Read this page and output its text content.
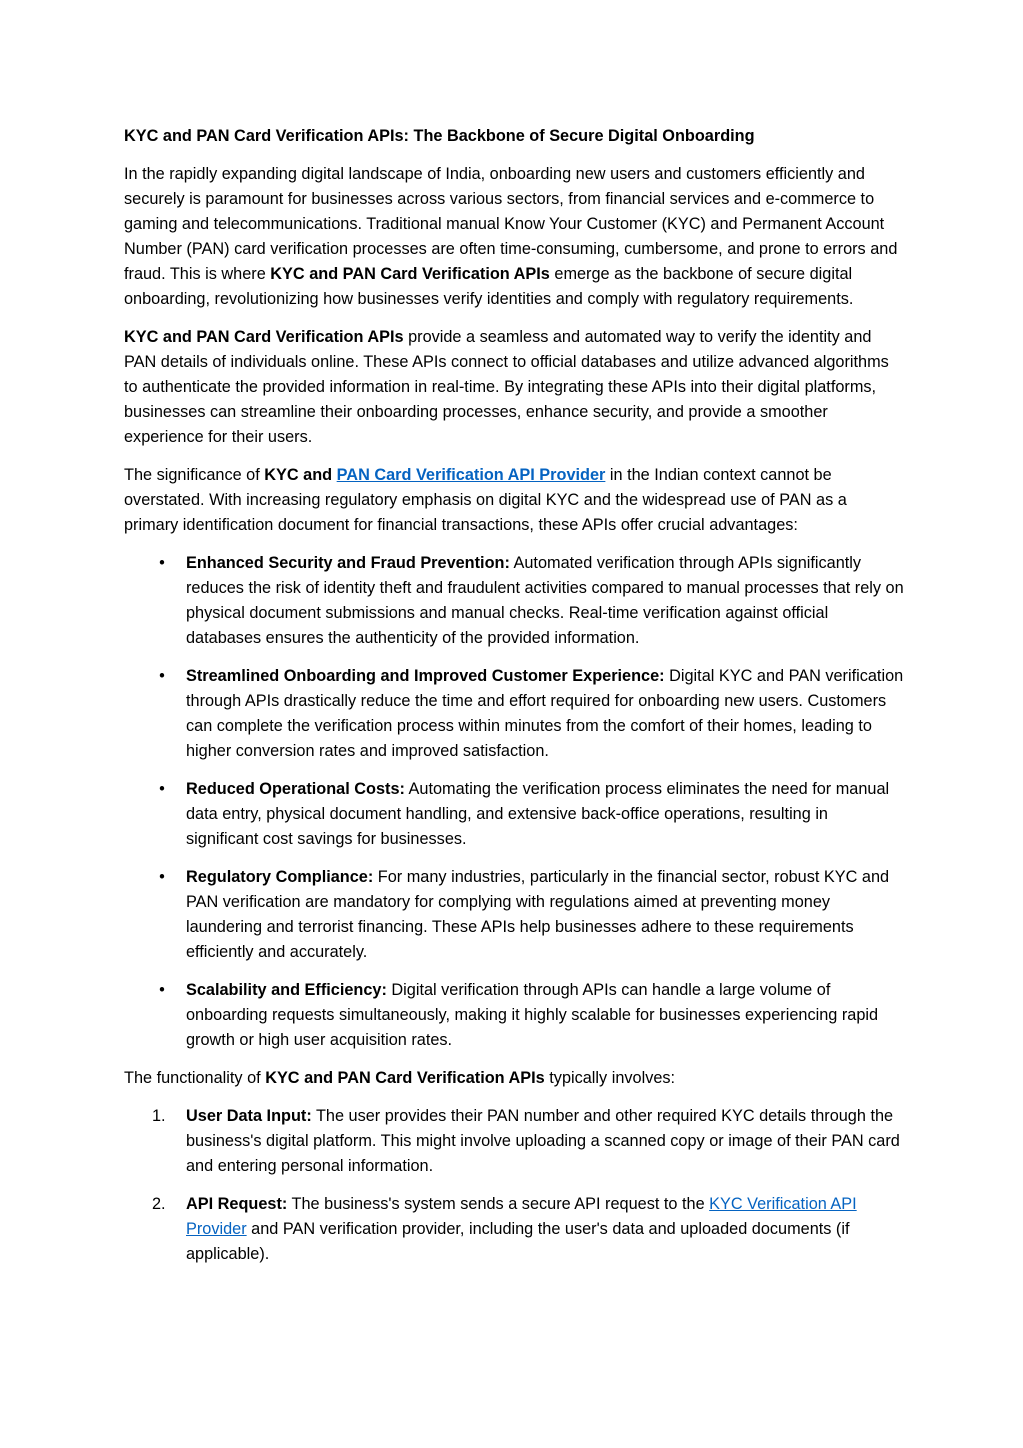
KYC and PAN Card Verification APIs: The Backbone of Secure Digital Onboarding

In the rapidly expanding digital landscape of India, onboarding new users and customers efficiently and securely is paramount for businesses across various sectors, from financial services and e-commerce to gaming and telecommunications. Traditional manual Know Your Customer (KYC) and Permanent Account Number (PAN) card verification processes are often time-consuming, cumbersome, and prone to errors and fraud. This is where KYC and PAN Card Verification APIs emerge as the backbone of secure digital onboarding, revolutionizing how businesses verify identities and comply with regulatory requirements.

KYC and PAN Card Verification APIs provide a seamless and automated way to verify the identity and PAN details of individuals online. These APIs connect to official databases and utilize advanced algorithms to authenticate the provided information in real-time. By integrating these APIs into their digital platforms, businesses can streamline their onboarding processes, enhance security, and provide a smoother experience for their users.

The significance of KYC and PAN Card Verification API Provider in the Indian context cannot be overstated. With increasing regulatory emphasis on digital KYC and the widespread use of PAN as a primary identification document for financial transactions, these APIs offer crucial advantages:

•	Enhanced Security and Fraud Prevention: Automated verification through APIs significantly reduces the risk of identity theft and fraudulent activities compared to manual processes that rely on physical document submissions and manual checks. Real-time verification against official databases ensures the authenticity of the provided information.
•	Streamlined Onboarding and Improved Customer Experience: Digital KYC and PAN verification through APIs drastically reduce the time and effort required for onboarding new users. Customers can complete the verification process within minutes from the comfort of their homes, leading to higher conversion rates and improved satisfaction.
•	Reduced Operational Costs: Automating the verification process eliminates the need for manual data entry, physical document handling, and extensive back-office operations, resulting in significant cost savings for businesses.
•	Regulatory Compliance: For many industries, particularly in the financial sector, robust KYC and PAN verification are mandatory for complying with regulations aimed at preventing money laundering and terrorist financing. These APIs help businesses adhere to these requirements efficiently and accurately.
•	Scalability and Efficiency: Digital verification through APIs can handle a large volume of onboarding requests simultaneously, making it highly scalable for businesses experiencing rapid growth or high user acquisition rates.

The functionality of KYC and PAN Card Verification APIs typically involves:

1.	User Data Input: The user provides their PAN number and other required KYC details through the business's digital platform. This might involve uploading a scanned copy or image of their PAN card and entering personal information.
2.	API Request: The business's system sends a secure API request to the KYC Verification API Provider and PAN verification provider, including the user's data and uploaded documents (if applicable).
